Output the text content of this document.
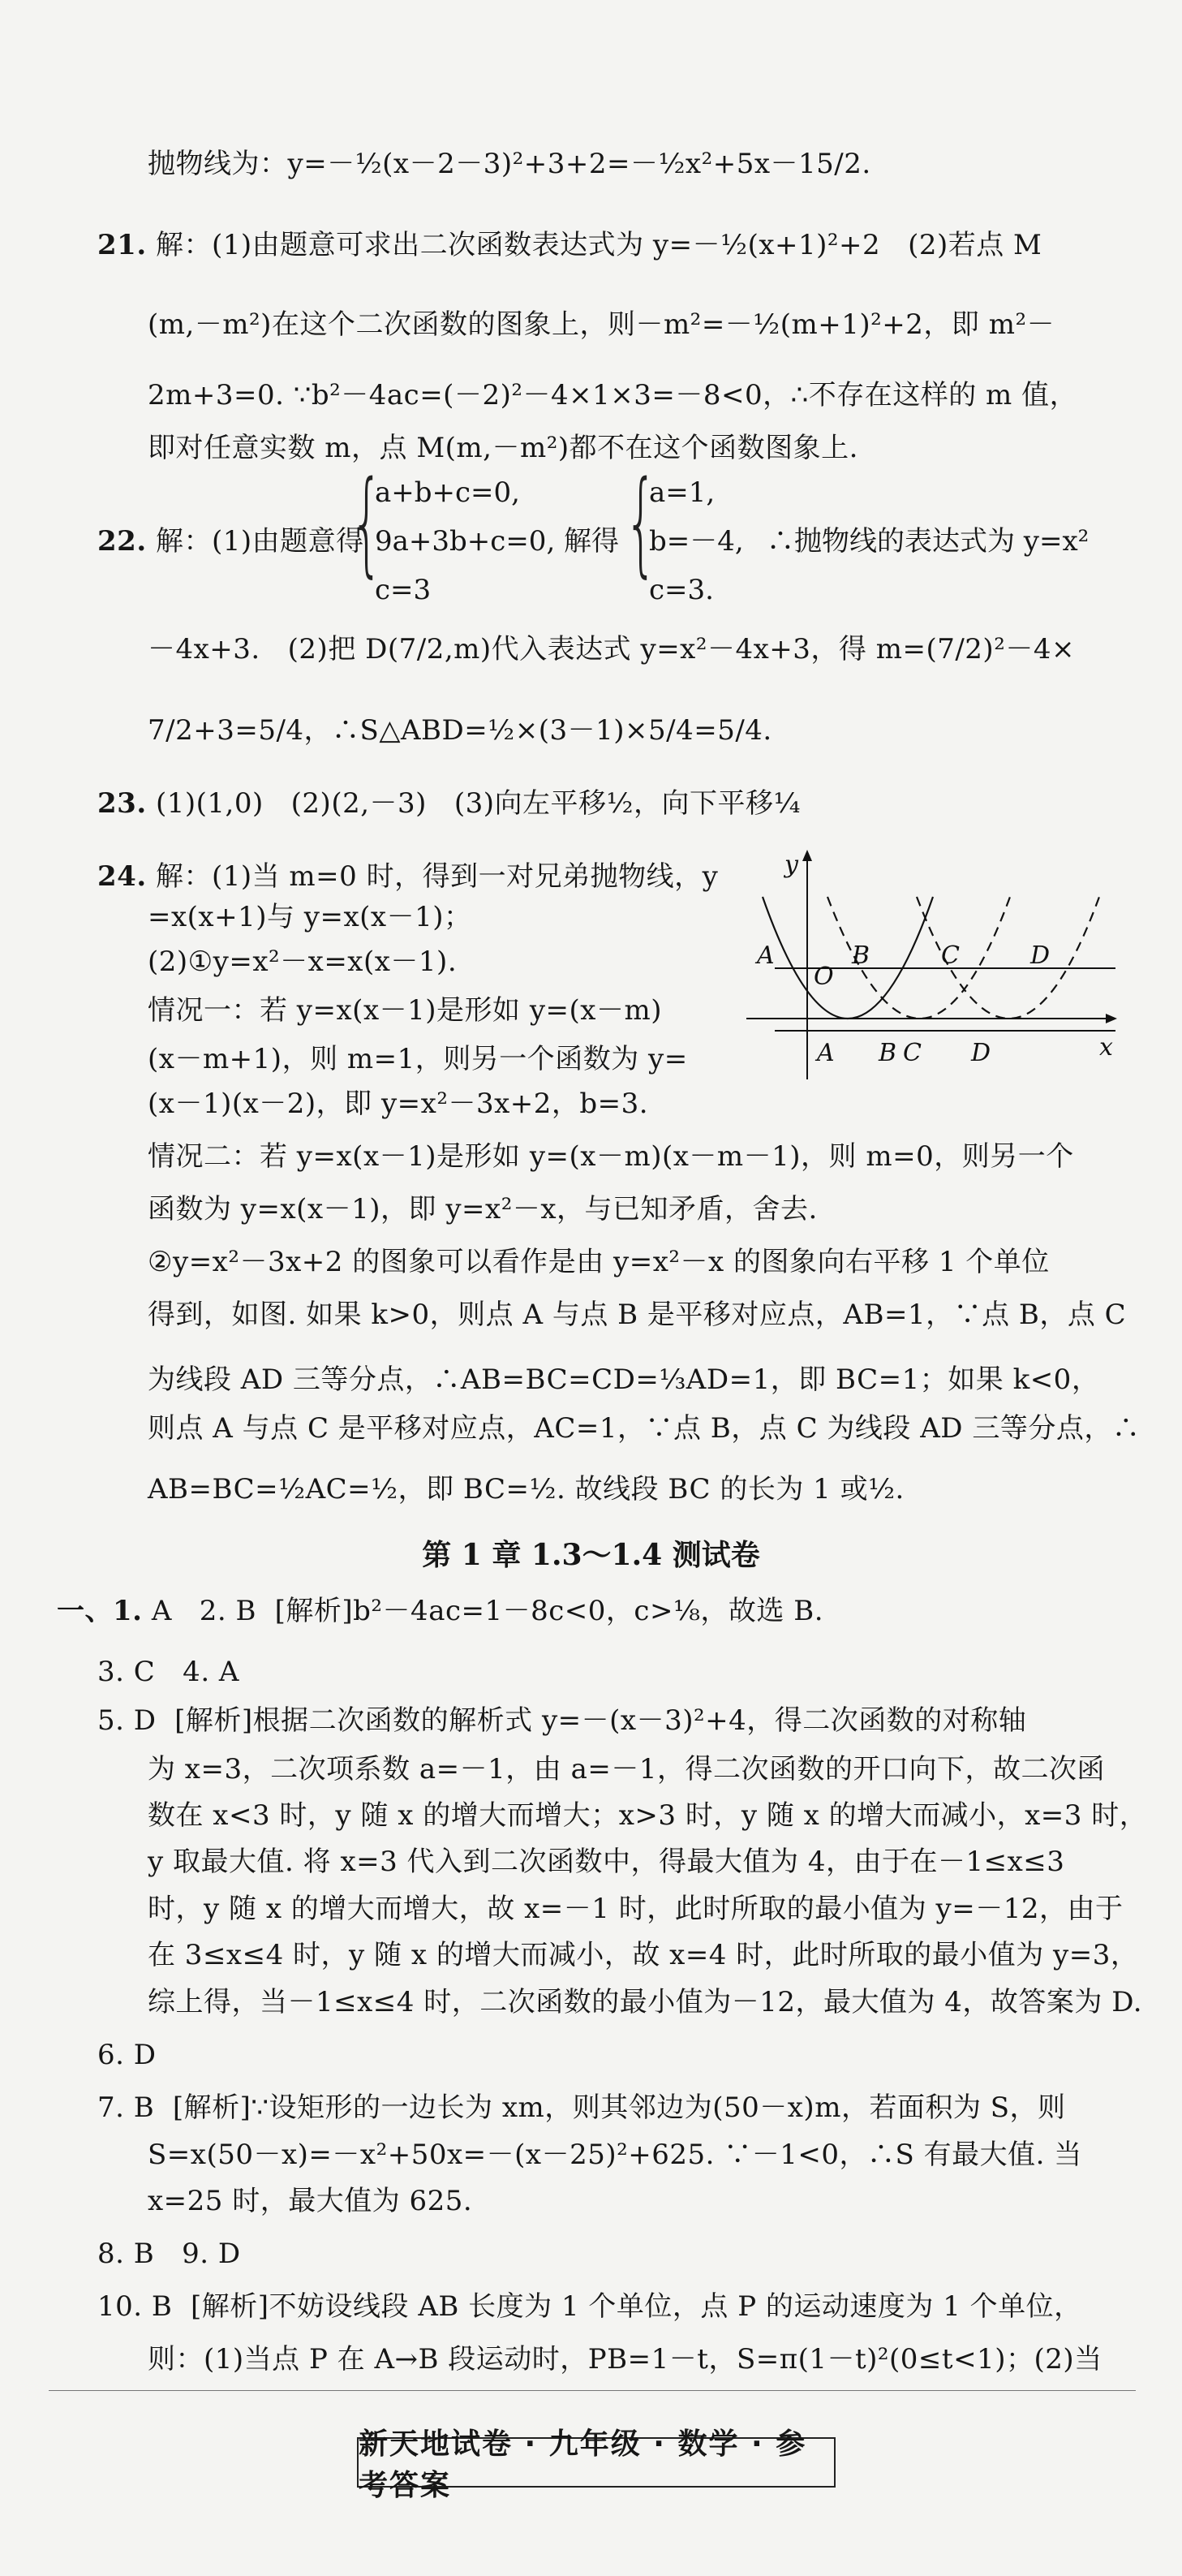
抛物线为：y=－½(x－2－3)²+3+2=－½x²+5x－15/2.
21. 解：(1)由题意可求出二次函数表达式为 y=－½(x+1)²+2   (2)若点 M
(m,－m²)在这个二次函数的图象上，则－m²=－½(m+1)²+2，即 m²－
2m+3=0. ∵b²－4ac=(－2)²－4×1×3=－8<0，∴不存在这样的 m 值，
即对任意实数 m，点 M(m,－m²)都不在这个函数图象上.
22. 解：(1)由题意得
{
a+b+c=0,
9a+3b+c=0,
c=3
解得 {
a=1,
b=－4,
c=3.
∴抛物线的表达式为 y=x²
－4x+3.   (2)把 D(7/2,m)代入表达式 y=x²－4x+3，得 m=(7/2)²－4×
7/2+3=5/4，∴S△ABD=½×(3－1)×5/4=5/4.
23. (1)(1,0)   (2)(2,－3)   (3)向左平移½，向下平移¼
24. 解：(1)当 m=0 时，得到一对兄弟抛物线，y
=x(x+1)与 y=x(x－1)；
(2)①y=x²－x=x(x－1).
情况一：若 y=x(x－1)是形如 y=(x－m)
(x－m+1)，则 m=1，则另一个函数为 y=
(x－1)(x－2)，即 y=x²－3x+2，b=3.
y
x
A	B	C	D
O
A B C D
情况二：若 y=x(x－1)是形如 y=(x－m)(x－m－1)，则 m=0，则另一个
函数为 y=x(x－1)，即 y=x²－x，与已知矛盾，舍去.
②y=x²－3x+2 的图象可以看作是由 y=x²－x 的图象向右平移 1 个单位
得到，如图. 如果 k>0，则点 A 与点 B 是平移对应点，AB=1，∵点 B，点 C
为线段 AD 三等分点，∴AB=BC=CD=⅓AD=1，即 BC=1；如果 k<0，
则点 A 与点 C 是平移对应点，AC=1，∵点 B，点 C 为线段 AD 三等分点，∴
AB=BC=½AC=½，即 BC=½. 故线段 BC 的长为 1 或½.
第 1 章 1.3～1.4 测试卷
一、1. A   2. B  [解析]b²－4ac=1－8c<0，c>⅛，故选 B.
3. C   4. A
5. D  [解析]根据二次函数的解析式 y=－(x－3)²+4，得二次函数的对称轴
为 x=3，二次项系数 a=－1，由 a=－1，得二次函数的开口向下，故二次函
数在 x<3 时，y 随 x 的增大而增大；x>3 时，y 随 x 的增大而减小，x=3 时，
y 取最大值. 将 x=3 代入到二次函数中，得最大值为 4，由于在－1≤x≤3
时，y 随 x 的增大而增大，故 x=－1 时，此时所取的最小值为 y=－12，由于
在 3≤x≤4 时，y 随 x 的增大而减小，故 x=4 时，此时所取的最小值为 y=3，
综上得，当－1≤x≤4 时，二次函数的最小值为－12，最大值为 4，故答案为 D.
6. D
7. B  [解析]∵设矩形的一边长为 xm，则其邻边为(50－x)m，若面积为 S，则
S=x(50－x)=－x²+50x=－(x－25)²+625. ∵－1<0，∴S 有最大值. 当
x=25 时，最大值为 625.
8. B   9. D
10. B  [解析]不妨设线段 AB 长度为 1 个单位，点 P 的运动速度为 1 个单位，
则：(1)当点 P 在 A→B 段运动时，PB=1－t，S=π(1－t)²(0≤t<1)；(2)当
新天地试卷 · 九年级 · 数学 · 参考答案
